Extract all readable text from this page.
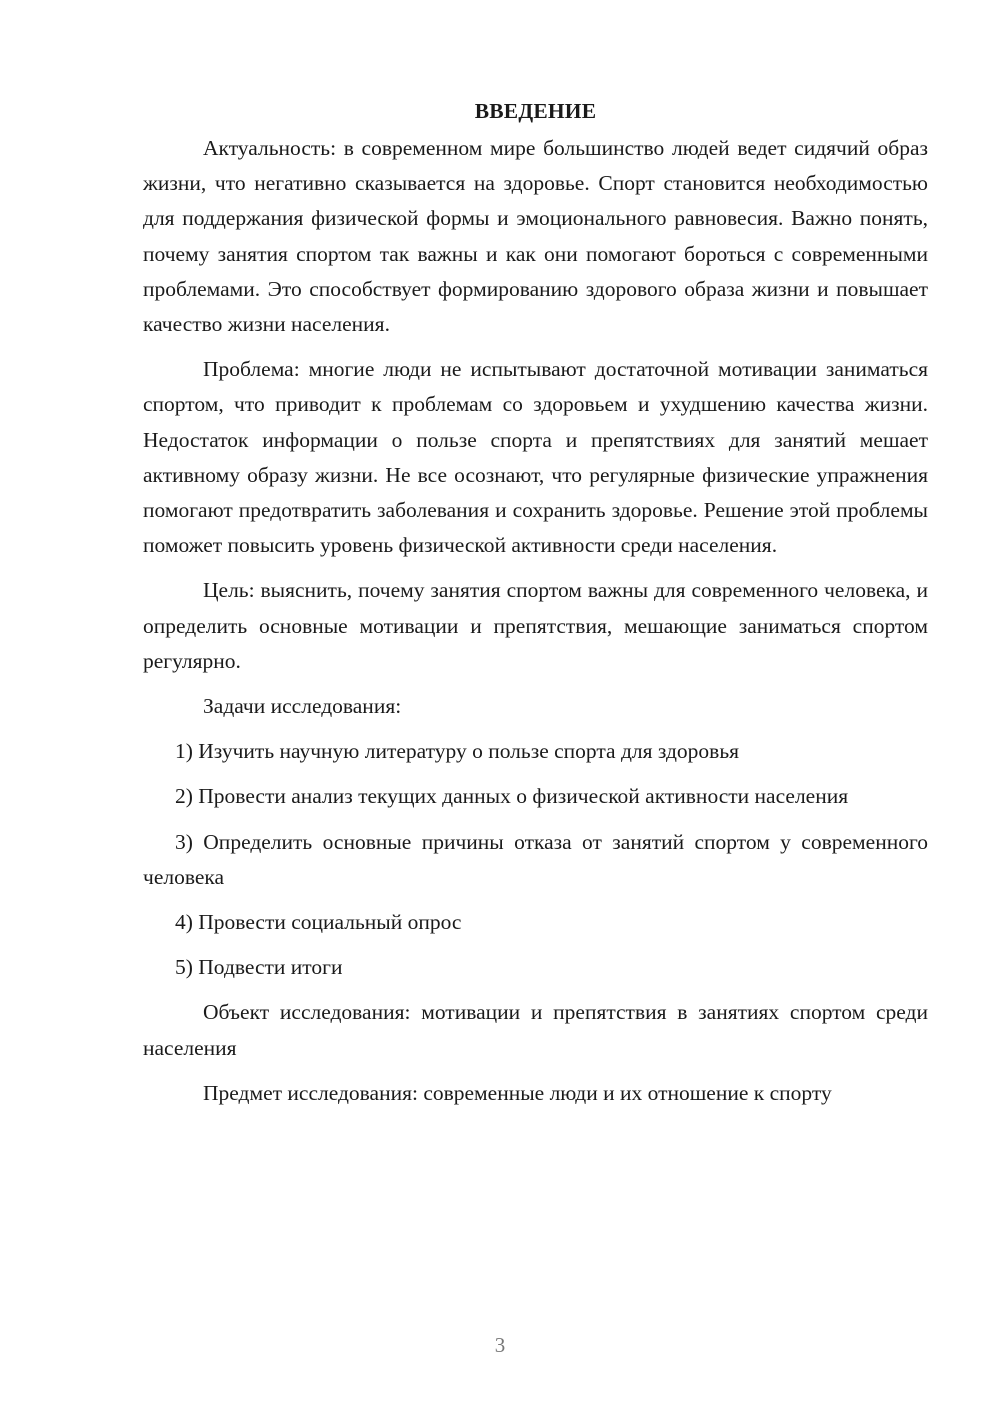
ВВЕДЕНИЕ

Актуальность: в современном мире большинство людей ведет сидячий образ жизни, что негативно сказывается на здоровье. Спорт становится необходимостью для поддержания физической формы и эмоционального равновесия. Важно понять, почему занятия спортом так важны и как они помогают бороться с современными проблемами. Это способствует формированию здорового образа жизни и повышает качество жизни населения.

Проблема: многие люди не испытывают достаточной мотивации заниматься спортом, что приводит к проблемам со здоровьем и ухудшению качества жизни. Недостаток информации о пользе спорта и препятствиях для занятий мешает активному образу жизни. Не все осознают, что регулярные физические упражнения помогают предотвратить заболевания и сохранить здоровье. Решение этой проблемы поможет повысить уровень физической активности среди населения.

Цель: выяснить, почему занятия спортом важны для современного человека, и определить основные мотивации и препятствия, мешающие заниматься спортом регулярно.

Задачи исследования:

1) Изучить научную литературу о пользе спорта для здоровья

2) Провести анализ текущих данных о физической активности населения

3) Определить основные причины отказа от занятий спортом у современного человека

4) Провести социальный опрос

5) Подвести итоги

Объект исследования: мотивации и препятствия в занятиях спортом среди населения

Предмет исследования: современные люди и их отношение к спорту

3
